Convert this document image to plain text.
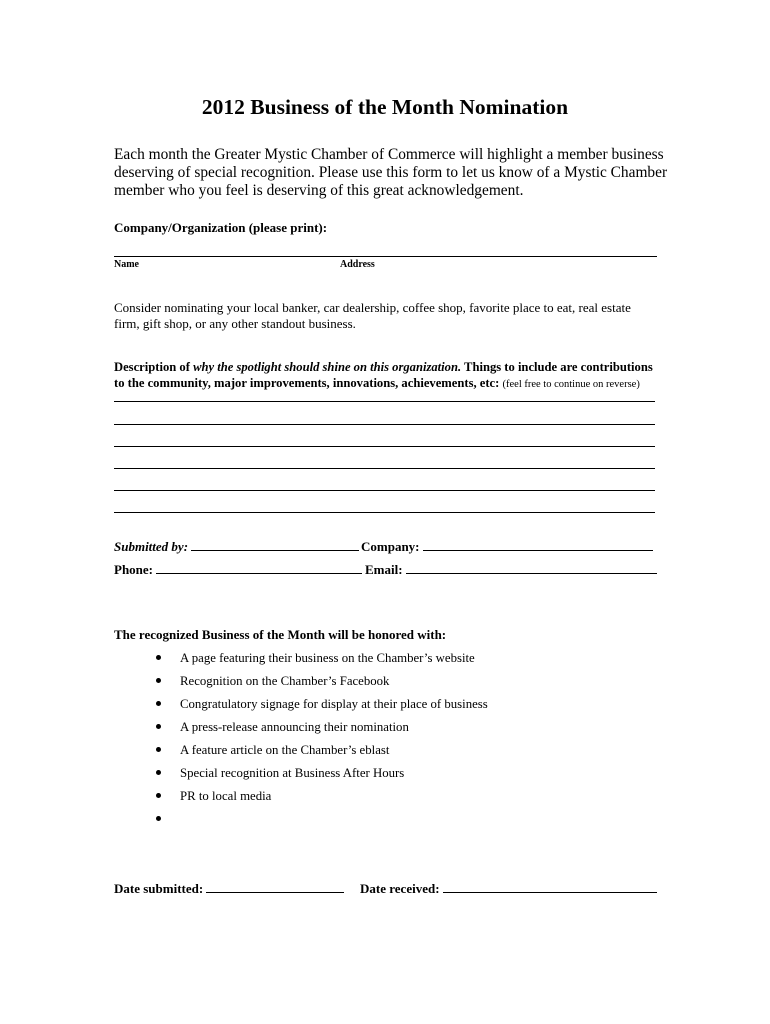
2012 Business of the Month Nomination
Each month the Greater Mystic Chamber of Commerce will highlight a member business deserving of special recognition. Please use this form to let us know of a Mystic Chamber member who you feel is deserving of this great acknowledgement.
Company/Organization (please print):
Name	Address
Consider nominating your local banker, car dealership, coffee shop, favorite place to eat, real estate firm, gift shop, or any other standout business.
Description of why the spotlight should shine on this organization. Things to include are contributions to the community, major improvements, innovations, achievements, etc: (feel free to continue on reverse)
Submitted by:	Company:
Phone:	Email:
The recognized Business of the Month will be honored with:
A page featuring their business on the Chamber’s website
Recognition on the Chamber’s Facebook
Congratulatory signage for display at their place of business
A press-release announcing their nomination
A feature article on the Chamber’s eblast
Special recognition at Business After Hours
PR to local media
Date submitted:	Date received:
